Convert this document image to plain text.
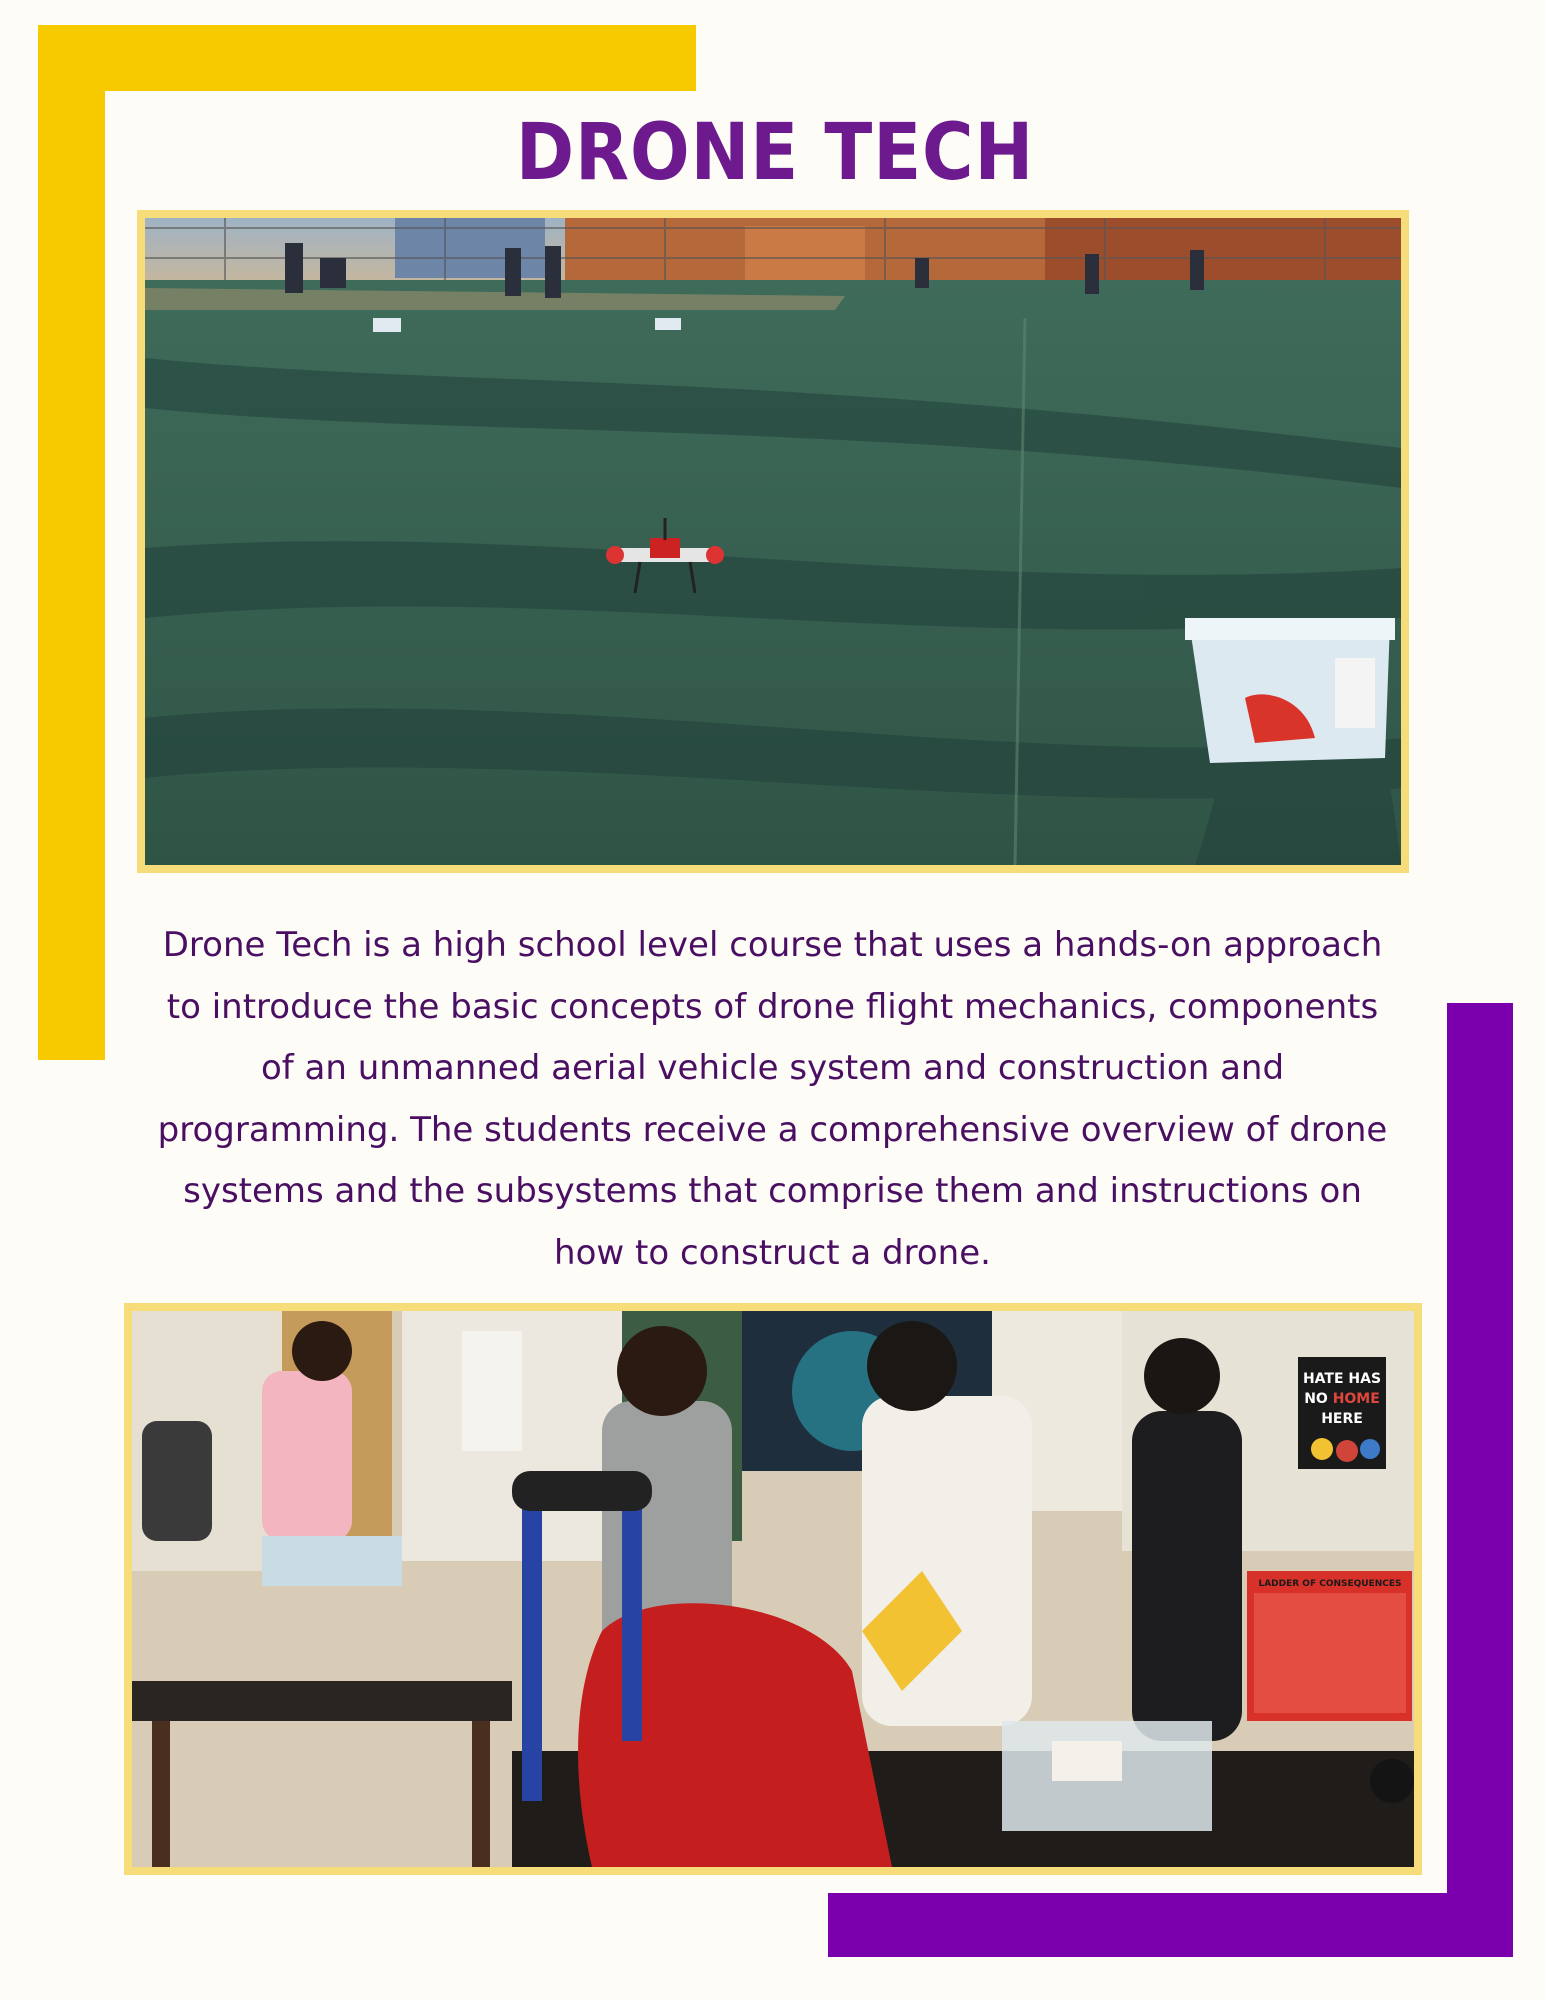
DRONE TECH
Drone Tech is a high school level course that uses a hands-on approach to introduce the basic concepts of drone flight mechanics, components of an unmanned aerial vehicle system and construction and programming. The students receive a comprehensive overview of drone systems and the subsystems that comprise them and instructions on how to construct a drone.
HATE HAS
NO HOME
HERE
LADDER OF CONSEQUENCES
